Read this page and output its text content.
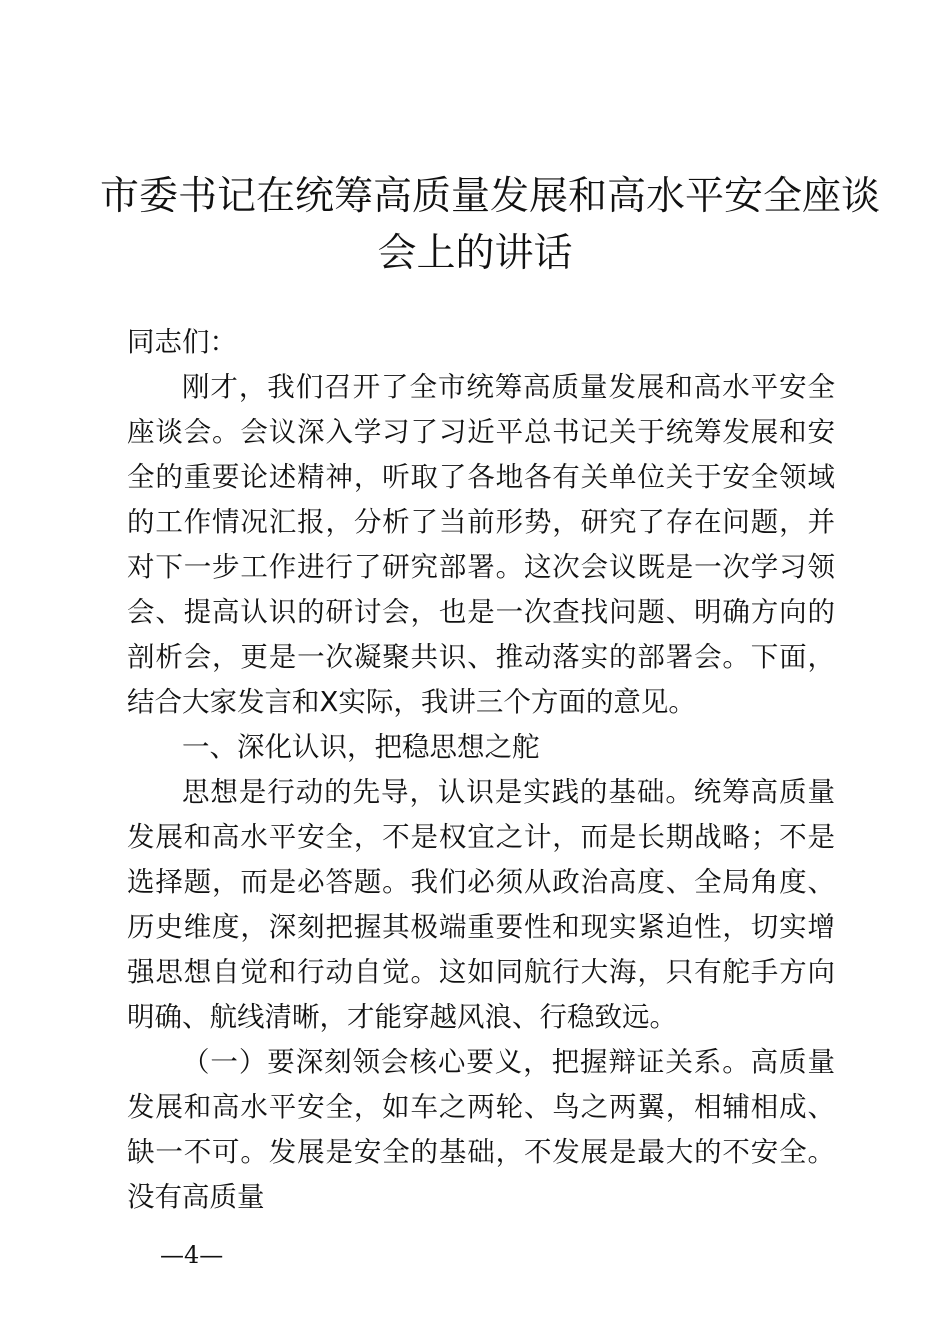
市委书记在统筹高质量发展和高水平安全座谈
会上的讲话

同志们：

刚才，我们召开了全市统筹高质量发展和高水平安全座谈会。会议深入学习了习近平总书记关于统筹发展和安全的重要论述精神，听取了各地各有关单位关于安全领域的工作情况汇报，分析了当前形势，研究了存在问题，并对下一步工作进行了研究部署。这次会议既是一次学习领会、提高认识的研讨会，也是一次查找问题、明确方向的剖析会，更是一次凝聚共识、推动落实的部署会。下面，结合大家发言和X实际，我讲三个方面的意见。

一、深化认识，把稳思想之舵

思想是行动的先导，认识是实践的基础。统筹高质量发展和高水平安全，不是权宜之计，而是长期战略；不是选择题，而是必答题。我们必须从政治高度、全局角度、历史维度，深刻把握其极端重要性和现实紧迫性，切实增强思想自觉和行动自觉。这如同航行大海，只有舵手方向明确、航线清晰，才能穿越风浪、行稳致远。

（一）要深刻领会核心要义，把握辩证关系。高质量发展和高水平安全，如车之两轮、鸟之两翼，相辅相成、缺一不可。发展是安全的基础，不发展是最大的不安全。没有高质量

—4—
